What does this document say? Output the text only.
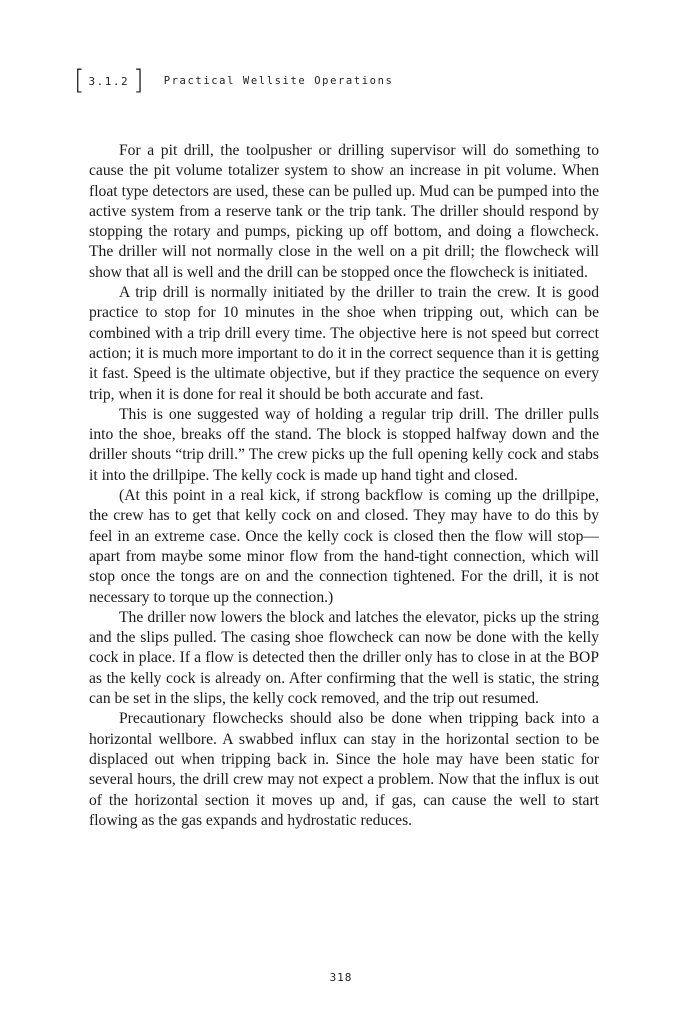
[ 3.1.2 ] Practical Wellsite Operations

For a pit drill, the toolpusher or drilling supervisor will do something to cause the pit volume totalizer system to show an increase in pit volume. When float type detectors are used, these can be pulled up. Mud can be pumped into the active system from a reserve tank or the trip tank. The driller should respond by stopping the rotary and pumps, picking up off bottom, and doing a flowcheck. The driller will not normally close in the well on a pit drill; the flowcheck will show that all is well and the drill can be stopped once the flowcheck is initiated.

A trip drill is normally initiated by the driller to train the crew. It is good practice to stop for 10 minutes in the shoe when tripping out, which can be combined with a trip drill every time. The objective here is not speed but correct action; it is much more important to do it in the correct sequence than it is getting it fast. Speed is the ultimate objective, but if they practice the sequence on every trip, when it is done for real it should be both accurate and fast.

This is one suggested way of holding a regular trip drill. The driller pulls into the shoe, breaks off the stand. The block is stopped halfway down and the driller shouts “trip drill.” The crew picks up the full opening kelly cock and stabs it into the drillpipe. The kelly cock is made up hand tight and closed.

(At this point in a real kick, if strong backflow is coming up the drillpipe, the crew has to get that kelly cock on and closed. They may have to do this by feel in an extreme case. Once the kelly cock is closed then the flow will stop—apart from maybe some minor flow from the hand-tight connection, which will stop once the tongs are on and the connection tightened. For the drill, it is not necessary to torque up the connection.)

The driller now lowers the block and latches the elevator, picks up the string and the slips pulled. The casing shoe flowcheck can now be done with the kelly cock in place. If a flow is detected then the driller only has to close in at the BOP as the kelly cock is already on. After confirming that the well is static, the string can be set in the slips, the kelly cock removed, and the trip out resumed.

Precautionary flowchecks should also be done when tripping back into a horizontal wellbore. A swabbed influx can stay in the horizontal section to be displaced out when tripping back in. Since the hole may have been static for several hours, the drill crew may not expect a problem. Now that the influx is out of the horizontal section it moves up and, if gas, can cause the well to start flowing as the gas expands and hydrostatic reduces.

318
